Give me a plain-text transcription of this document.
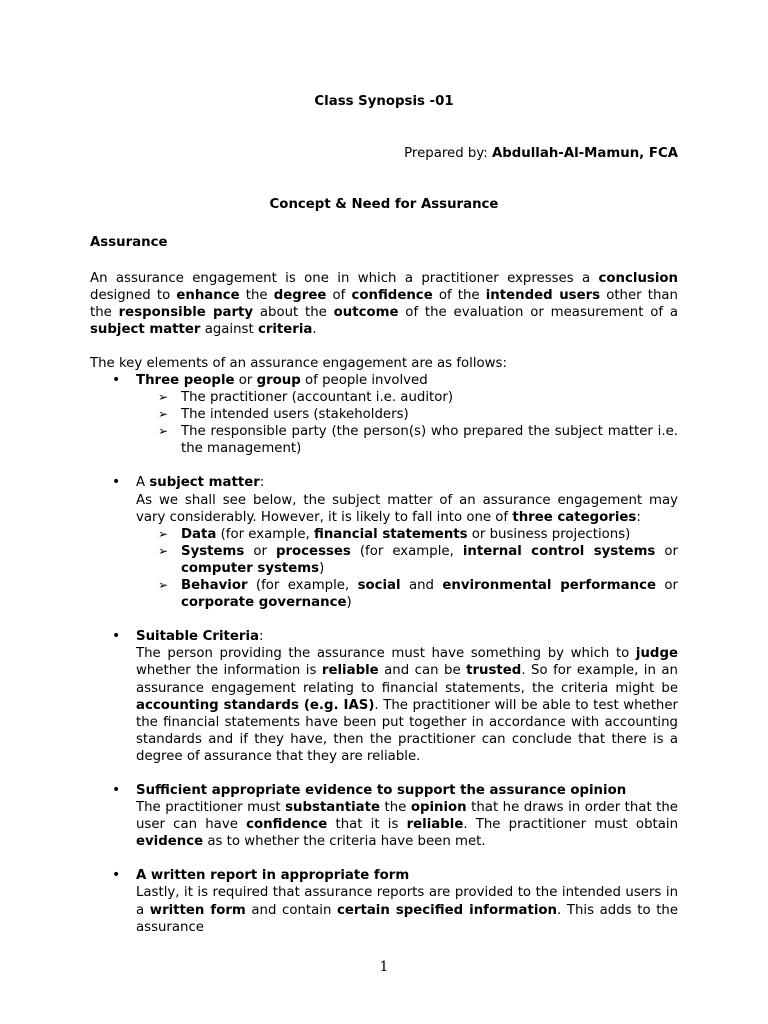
Class Synopsis -01
Prepared by: Abdullah-Al-Mamun, FCA
Concept & Need for Assurance
Assurance
An assurance engagement is one in which a practitioner expresses a conclusion designed to enhance the degree of confidence of the intended users other than the responsible party about the outcome of the evaluation or measurement of a subject matter against criteria.
The key elements of an assurance engagement are as follows:
•
Three people or group of people involved
➢ The practitioner (accountant i.e. auditor)
➢ The intended users (stakeholders)
➢ The responsible party (the person(s) who prepared the subject matter i.e. the management)
•
A subject matter:
As we shall see below, the subject matter of an assurance engagement may vary considerably. However, it is likely to fall into one of three categories:
➢ Data (for example, financial statements or business projections)
➢ Systems or processes (for example, internal control systems or computer systems)
➢ Behavior (for example, social and environmental performance or corporate governance)
•
Suitable Criteria:
The person providing the assurance must have something by which to judge whether the information is reliable and can be trusted. So for example, in an assurance engagement relating to financial statements, the criteria might be accounting standards (e.g. IAS). The practitioner will be able to test whether the financial statements have been put together in accordance with accounting standards and if they have, then the practitioner can conclude that there is a degree of assurance that they are reliable.
•
Sufficient appropriate evidence to support the assurance opinion
The practitioner must substantiate the opinion that he draws in order that the user can have confidence that it is reliable. The practitioner must obtain evidence as to whether the criteria have been met.
•
A written report in appropriate form
Lastly, it is required that assurance reports are provided to the intended users in a written form and contain certain specified information. This adds to the assurance
1
